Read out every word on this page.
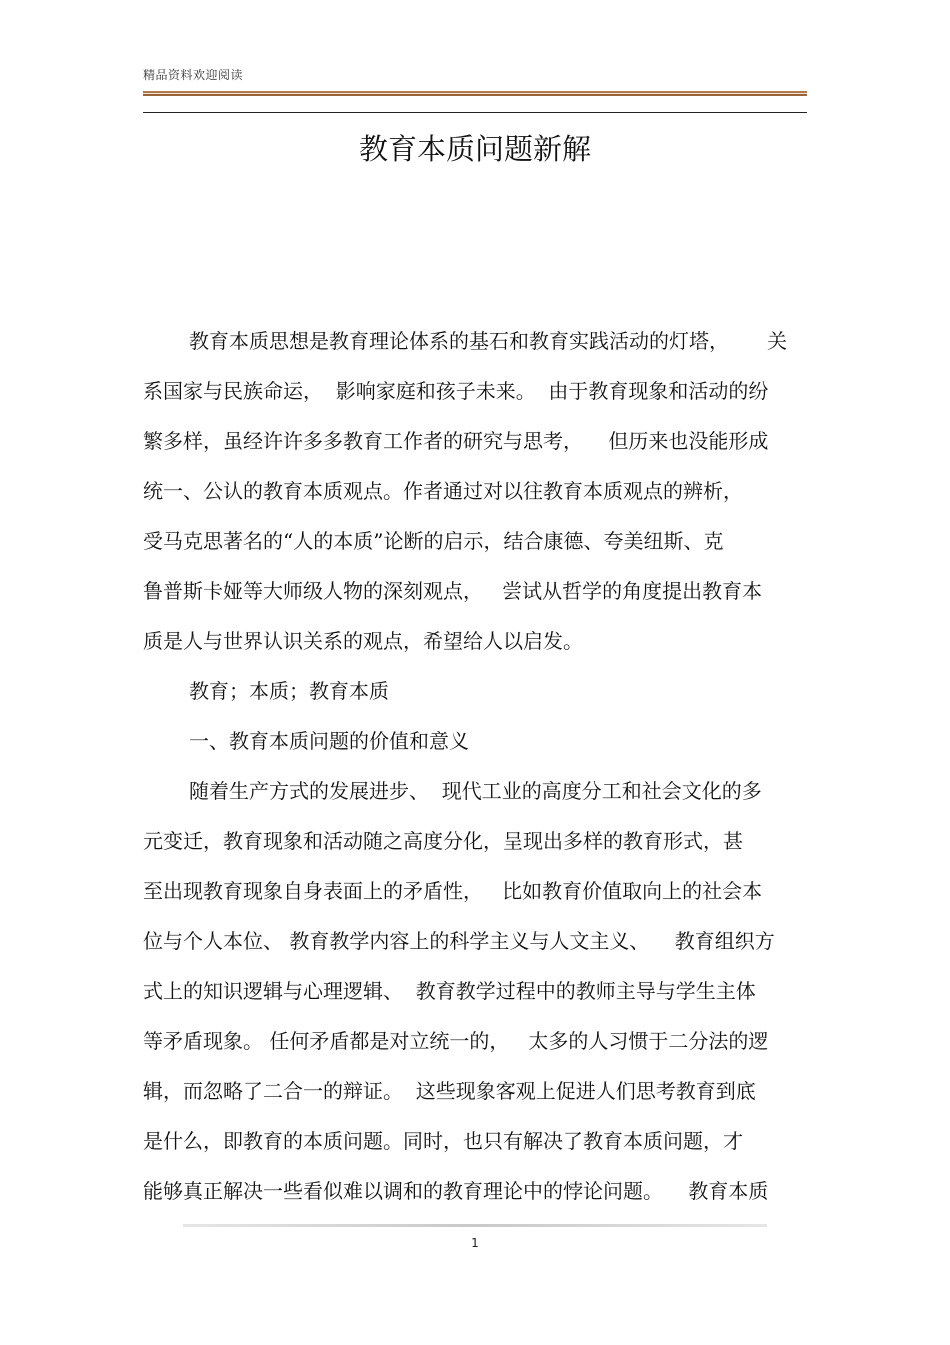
精品资料欢迎阅读
教育本质问题新解
教育本质思想是教育理论体系的基石和教育实践活动的灯塔，      关
系国家与民族命运，  影响家庭和孩子未来。  由于教育现象和活动的纷
繁多样，虽经许许多多教育工作者的研究与思考，    但历来也没能形成
统一、公认的教育本质观点。作者通过对以往教育本质观点的辨析，
受马克思著名的“人的本质”论断的启示，结合康德、夸美纽斯、克
鲁普斯卡娅等大师级人物的深刻观点，   尝试从哲学的角度提出教育本
质是人与世界认识关系的观点，希望给人以启发。
教育；本质；教育本质
一、教育本质问题的价值和意义
随着生产方式的发展进步、  现代工业的高度分工和社会文化的多
元变迁，教育现象和活动随之高度分化，呈现出多样的教育形式，甚
至出现教育现象自身表面上的矛盾性，   比如教育价值取向上的社会本
位与个人本位、 教育教学内容上的科学主义与人文主义、    教育组织方
式上的知识逻辑与心理逻辑、  教育教学过程中的教师主导与学生主体
等矛盾现象。 任何矛盾都是对立统一的，   太多的人习惯于二分法的逻
辑，而忽略了二合一的辩证。  这些现象客观上促进人们思考教育到底
是什么，即教育的本质问题。同时，也只有解决了教育本质问题，才
能够真正解决一些看似难以调和的教育理论中的悖论问题。    教育本质
1
